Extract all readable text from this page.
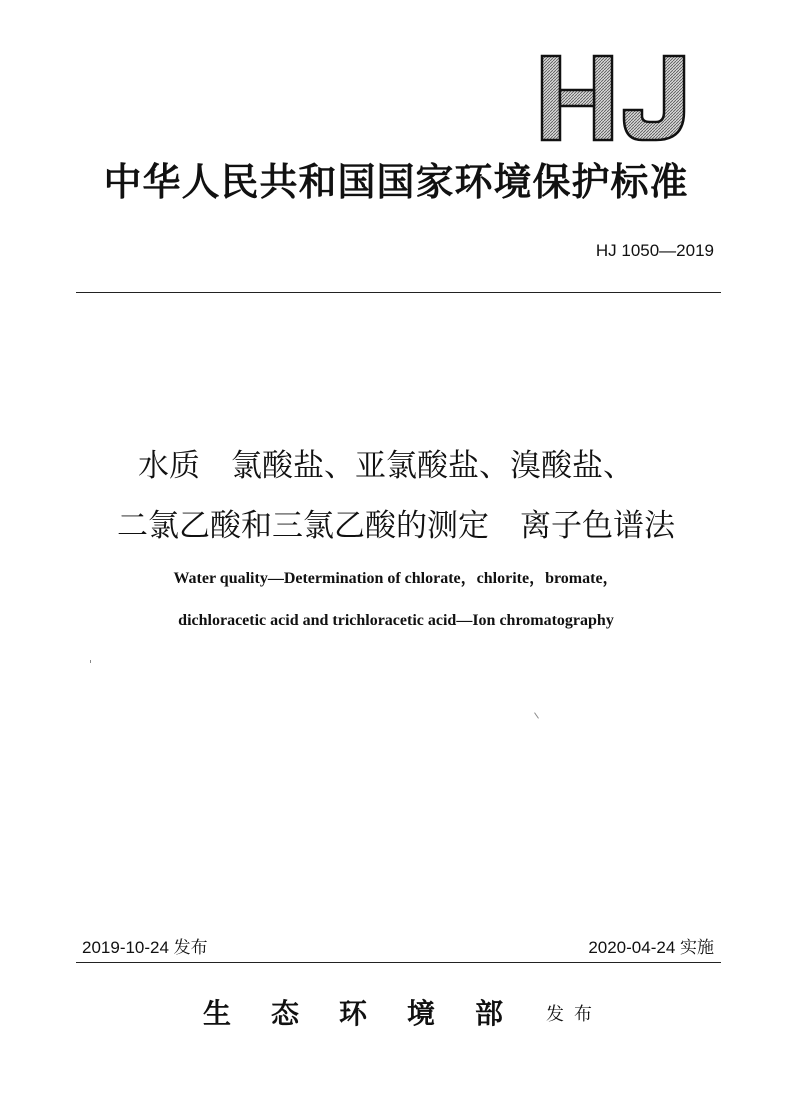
中华人民共和国国家环境保护标准
HJ 1050—2019
水质　氯酸盐、亚氯酸盐、溴酸盐、
二氯乙酸和三氯乙酸的测定　离子色谱法
Water quality—Determination of chlorate，chlorite，bromate，
dichloracetic acid and trichloracetic acid—Ion chromatography
2019-10-24 发布	2020-04-24 实施
生态环境部 发布
